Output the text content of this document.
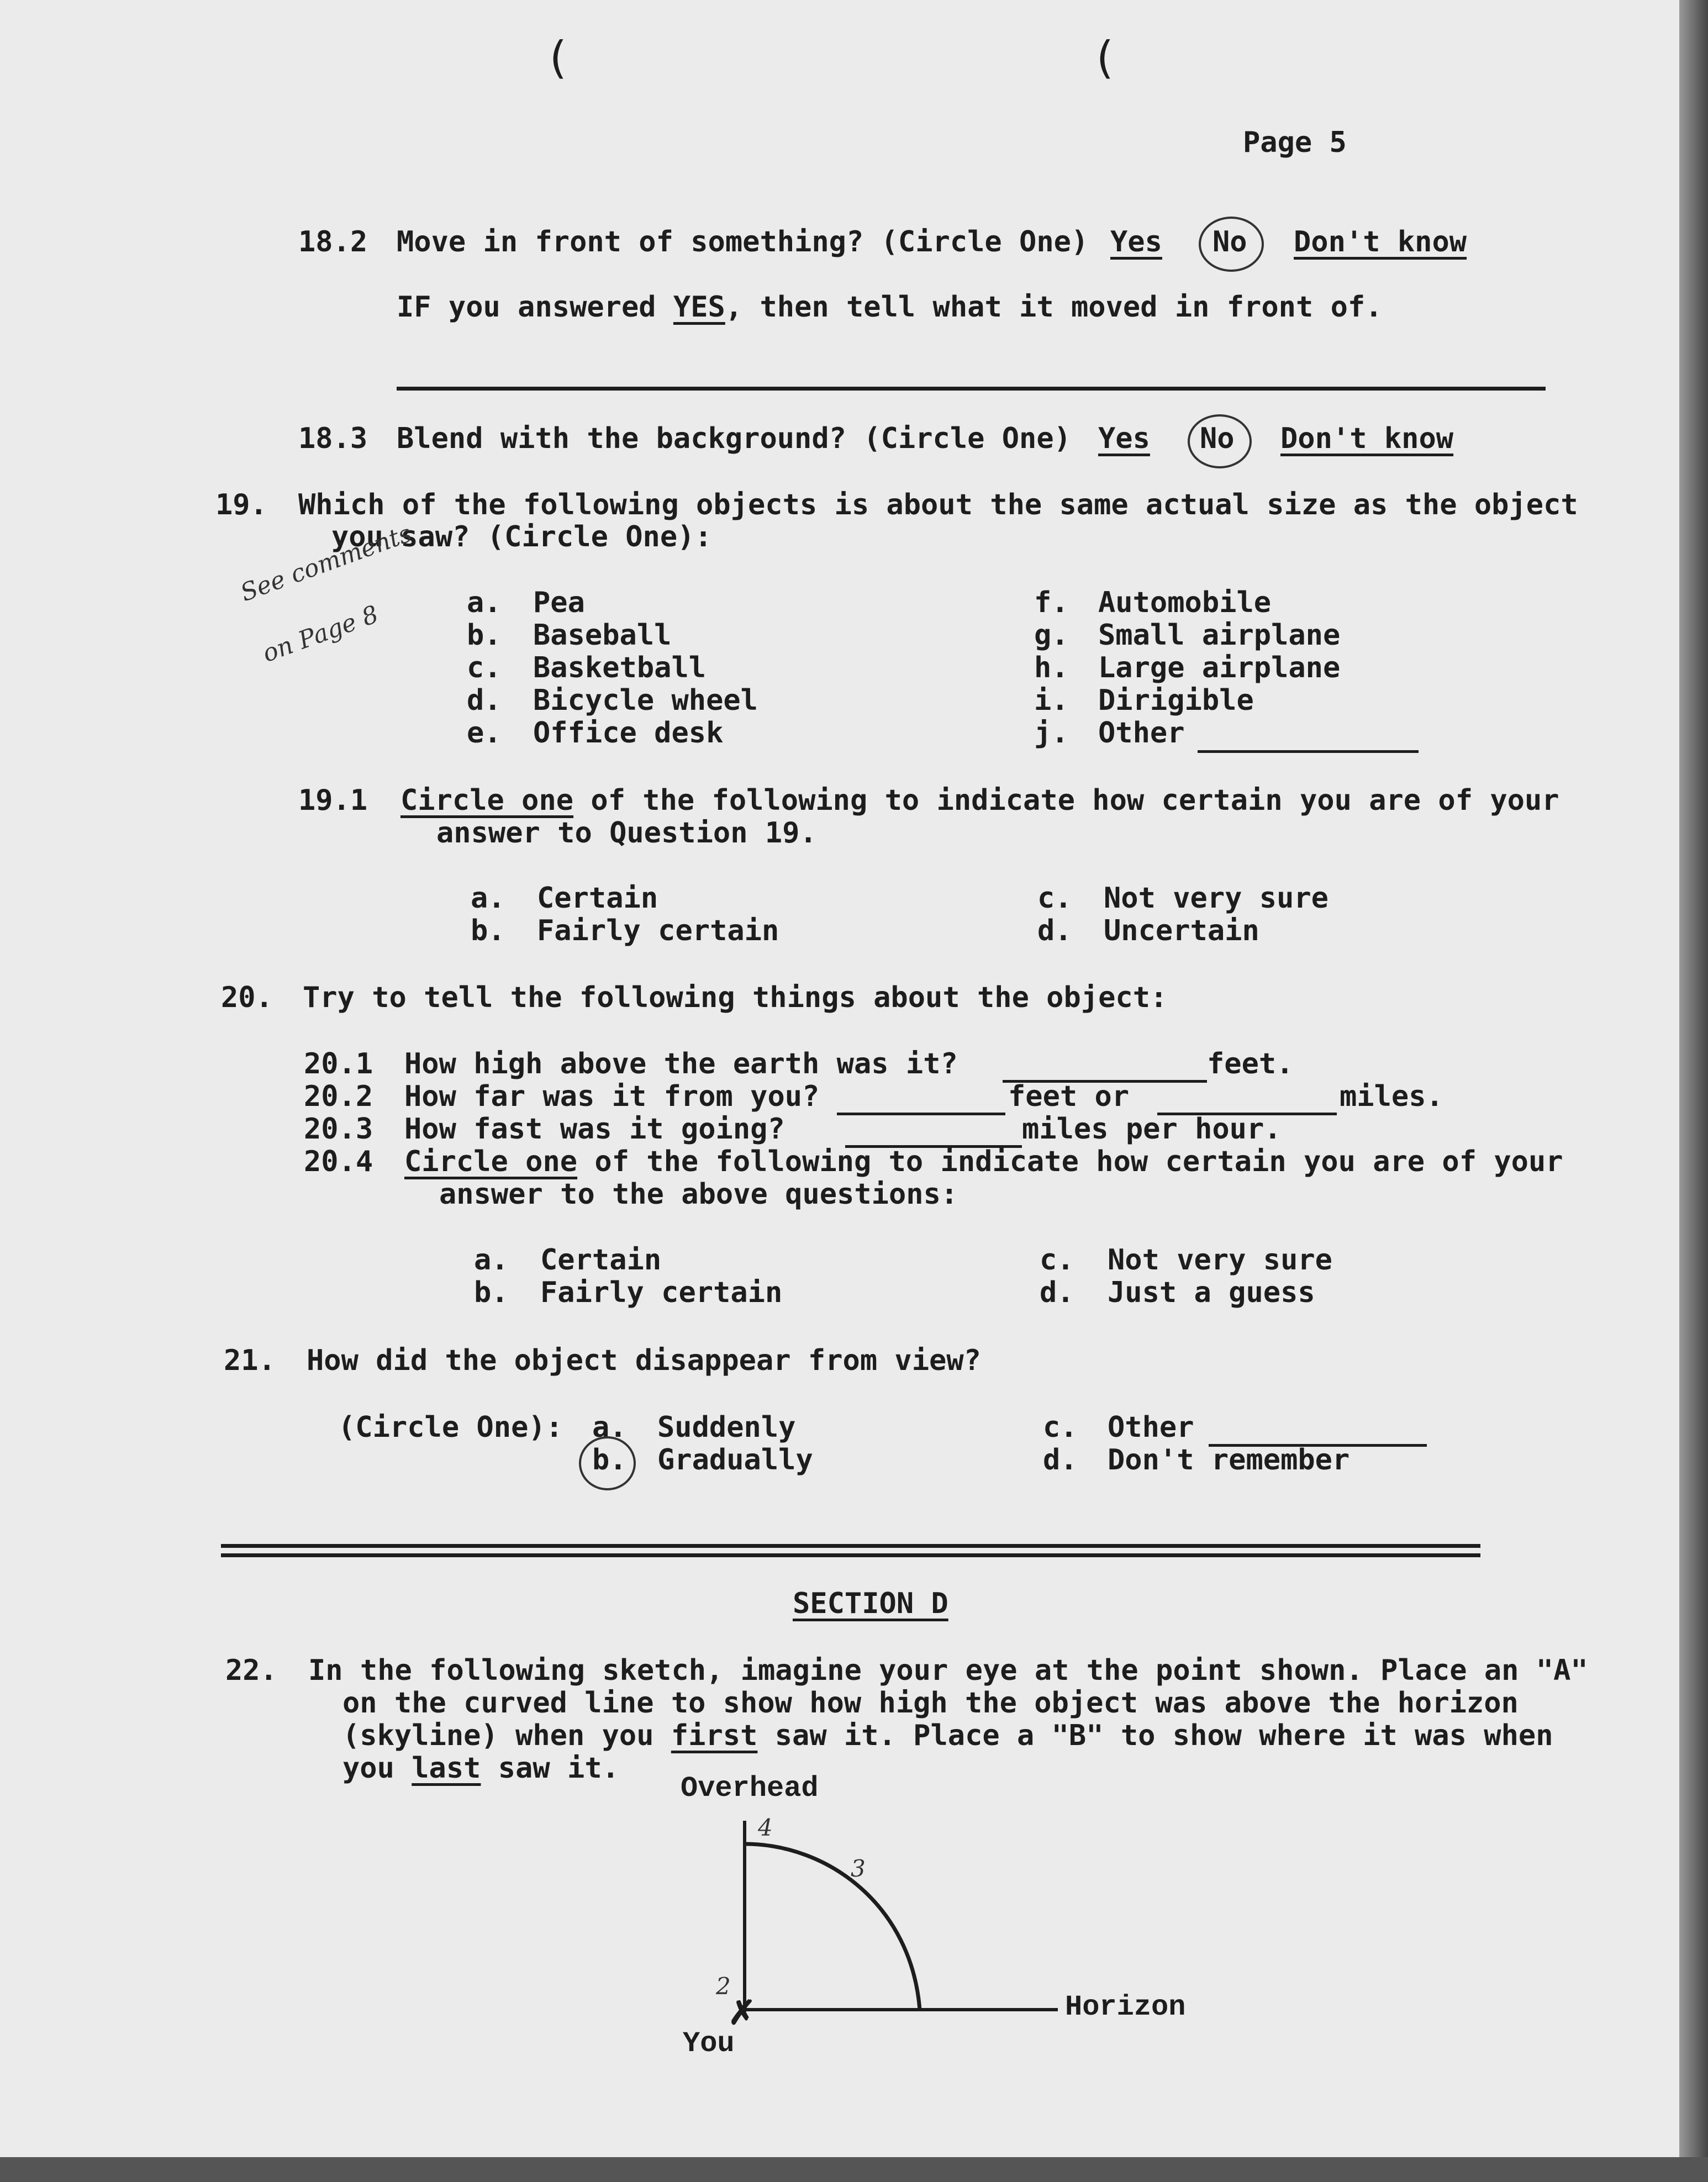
(	(
Page 5
18.2 Move in front of something? (Circle One) Yes No Don't know
IF you answered YES, then tell what it moved in front of.
18.3 Blend with the background? (Circle One) Yes No Don't know
19. Which of the following objects is about the same actual size as the object
you saw? (Circle One):
See comments
on Page 8	a. Pea
b. Baseball
c. Basketball
d. Bicycle wheel
e. Office desk
f. Automobile
g. Small airplane
h. Large airplane
i. Dirigible
j. Other
19.1 Circle one of the following to indicate how certain you are of your
answer to Question 19.
a. Certain
b. Fairly certain
c. Not very sure
d. Uncertain
20. Try to tell the following things about the object:
20.1 How high above the earth was it?	feet.
20.2 How far was it from you?	feet or	miles.
20.3 How fast was it going?	miles per hour.
20.4 Circle one of the following to indicate how certain you are of your
answer to the above questions:
a. Certain
b. Fairly certain
c. Not very sure
d. Just a guess
21. How did the object disappear from view?
(Circle One): a. Suddenly
b. Gradually
c. Other
d. Don't remember
SECTION D
22. In the following sketch, imagine your eye at the point shown. Place an "A"
on the curved line to show how high the object was above the horizon
(skyline) when you first saw it. Place a "B" to show where it was when
you last saw it.
✗
Overhead
Horizon
You
4
3
2
